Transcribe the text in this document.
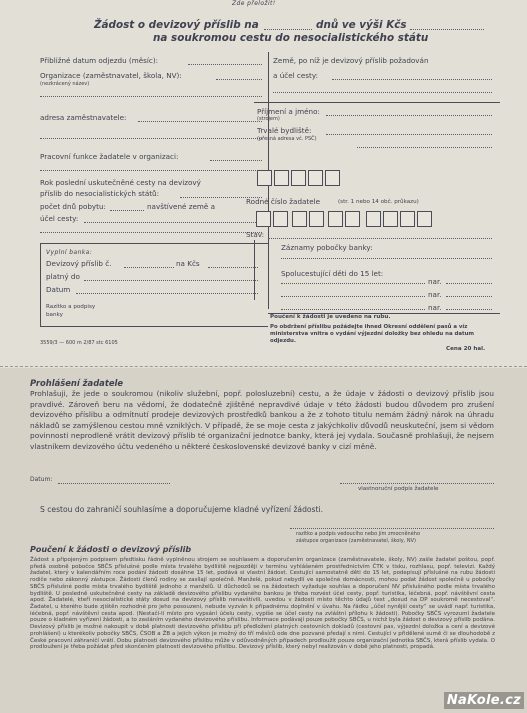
Zde přeložit!
Žádost o devizový příslib na	dnů ve výši Kčs
na soukromou cestu do nesocialistického státu
Přibližné datum odjezdu (měsíc):
Organizace (zaměstnavatel, škola, NV):
(nezkrácený název)
adresa zaměstnavatele:
Pracovní funkce žadatele v organizaci:
Rok poslední uskutečněné cesty na devizový
příslib do nesocialistických států:
počet dnů pobytu:	navštívené země a
účel cesty:
Vyplní banka:
Devizový příslib č.	na Kčs
platný do
Datum
Razítko a podpisy
banky
3559/3 — 600 m 2/87 stc 6105
Země, po níž je devizový příslib požadován
a účel cesty:
Příjmení a jméno:
(strojem)
Trvalé bydliště:
(přesná adresa vč. PSČ)
Rodné číslo žadatele	(str. 1 nebo 14 obč. průkazu)
Stav:
Záznamy pobočky banky:
Spolucestující děti do 15 let:
nar.
nar.
nar.
Poučení k žádosti je uvedeno na rubu.
Po obdržení příslibu požádejte ihned Okresní oddělení pasů a víz ministerstva vnitra o vydání výjezdní doložky bez ohledu na datum odjezdu.
Cena 20 hal.
Prohlášení žadatele
Prohlašuji, že jede o soukromou (nikoliv služební, popř. polosluzební) cestu, a že údaje v žádosti o devizový příslib jsou pravdivé. Zároveň beru na vědomí, že dodatečně zjištěné nepravdivé údaje v této žádosti budou důvodem pro zrušení devizového příslibu a odmítnutí prodeje devizových prostředků bankou a že z tohoto titulu nemám žádný nárok na úhradu nákladů se zamýšlenou cestou mně vzniklých. V případě, že se moje cesta z jakýchkoliv důvodů neuskuteční, jsem si vědom povinnosti neprodleně vrátit devizový příslib té organizační jednotce banky, která jej vydala. Současně prohlašuji, že nejsem vlastníkem devizového účtu vedeného u některé československé devizové banky v cizí měně.
Datum:
vlastnoruční podpis žadatele
S cestou do zahraničí souhlasíme a doporučujeme kladné vyřízení žádosti.
razítko a podpis vedoucího nebo jím zmocněného
zástupce organizace (zaměstnavatel, školy, NV)
Poučení k žádosti o devizový příslib
Žádost s připojeným podpisem předtisku řádně vyplněnou strojem se souhlasem a doporučením organizace (zaměstnavatele, školy, NV) zašle žadatel poštou, popř. předá osobně pobočce SBČS příslušné podle místa trvalého bydliště nejpozději v termínu vyhlášeném prostřednictvím ČTK v tisku, rozhlasu, popř. televizi. Každý žadatel, který v kalendářním roce podání žádosti dosáhne 15 let, podává si vlastní žádost. Cestující samostatně děti do 15 let, podepisují příslušné na rubu žádosti rodiče nebo zákonný zástupce. Žádosti členů rodiny se zasílají společně. Manželé, pokud nebydlí ve společné domácnosti, mohou podat žádost společně u pobočky SBČS příslušné podle místa trvalého bydliště jednoho z manželů. U důchodců se na žádostech vyžaduje souhlas a doporučení NV příslušného podle místa trvalého bydliště. U posledně uskutečněné cesty na základě devizového příslibu vydaného bankou je třeba rozvést účel cesty, popř. turistika, léčebná, popř. návštěvní cesta apod. Žadatelé, kteří nesocialistické státy dosud na devizový příslib nenavštívili, uvedou v žádosti místo těchto údajů text „dosud na DP soukromě necestoval“. Žadatel, u kterého bude zjištěn rozhodné pro jeho posouzení, nebude vyzván k případnému doplnění v úvahu. Na řádku „účel nynější cesty“ se uvádí např. turistika, léčebná, popř. návštěvní cesta apod. (Nestačí-li místo pro vypsání účelu cesty, vypíše se účel cesty na zvláštní přílohu k žádosti). Pobočky SBČS vyrozumí žadatele pouze o kladném vyřízení žádosti, a to zasláním vydaného devizového příslibu. Informace podávají pouze pobočky SBČS, u nichž byla žádost o devizový příslib podána. Devizový příslib je možné nakoupit v době platnosti devizového příslibu při předložení platných cestovních dokladů (cestovní pas, výjezdní doložka a cení a devizové prohlášení) u kterékoliv pobočky SBČS, ČSOB a ŽB a jejich výkon je možný do tří měsíců ode dne pozvané předají s nimi. Cestující v přidělené sumě či se dlouhodobě z České pracovní záhraničí vrátí. Dobu platnosti devizového příslibu může v odůvodněných případech prodloužit pouze organizační jednotka SBČS, která příslib vydala. O prodloužení je třeba požádat před skončením platnosti devizového příslibu. Devizový příslib, který nebyl realizován v době jeho platnosti, propadá.
NaKole.cz
